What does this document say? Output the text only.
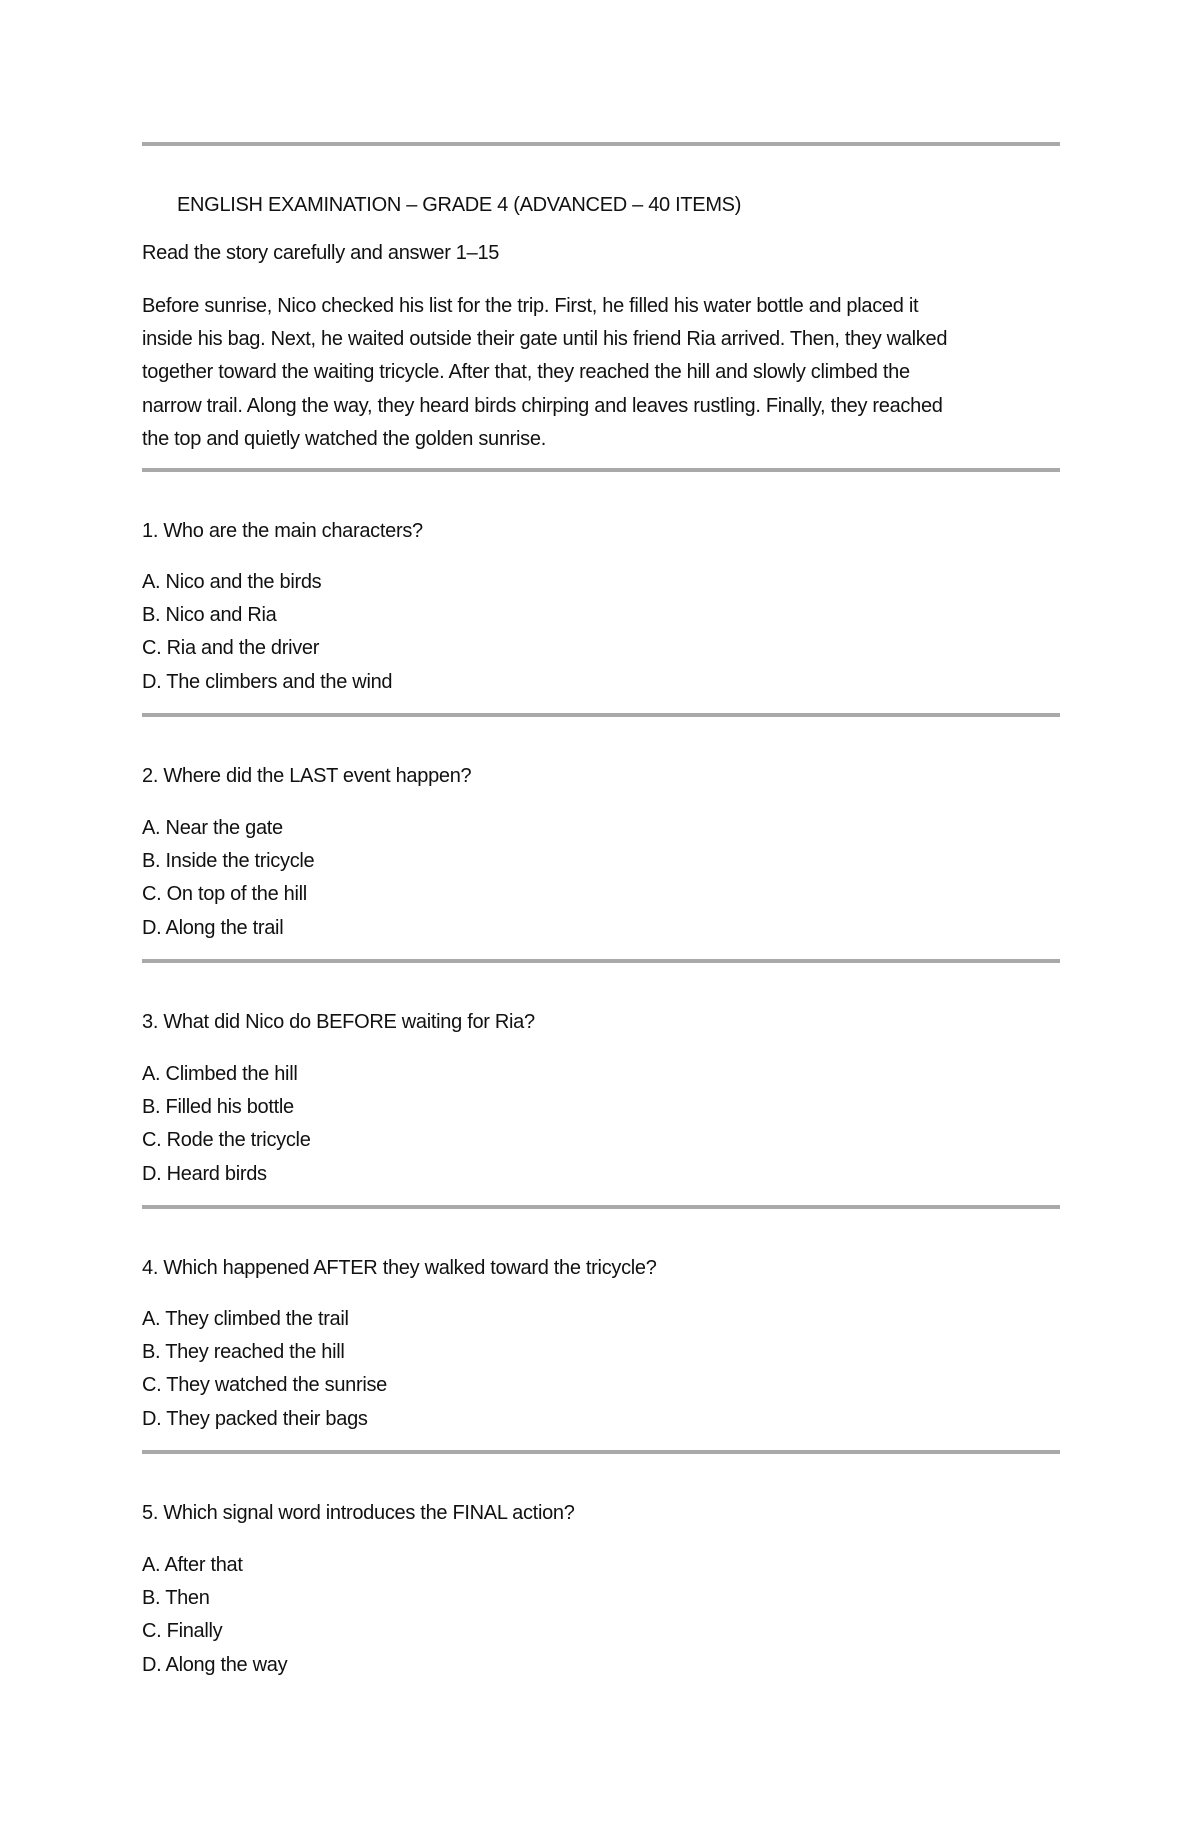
ENGLISH EXAMINATION – GRADE 4 (ADVANCED – 40 ITEMS)
Read the story carefully and answer 1–15
Before sunrise, Nico checked his list for the trip. First, he filled his water bottle and placed it
inside his bag. Next, he waited outside their gate until his friend Ria arrived. Then, they walked
together toward the waiting tricycle. After that, they reached the hill and slowly climbed the
narrow trail. Along the way, they heard birds chirping and leaves rustling. Finally, they reached
the top and quietly watched the golden sunrise.
1. Who are the main characters?
A. Nico and the birds
B. Nico and Ria
C. Ria and the driver
D. The climbers and the wind
2. Where did the LAST event happen?
A. Near the gate
B. Inside the tricycle
C. On top of the hill
D. Along the trail
3. What did Nico do BEFORE waiting for Ria?
A. Climbed the hill
B. Filled his bottle
C. Rode the tricycle
D. Heard birds
4. Which happened AFTER they walked toward the tricycle?
A. They climbed the trail
B. They reached the hill
C. They watched the sunrise
D. They packed their bags
5. Which signal word introduces the FINAL action?
A. After that
B. Then
C. Finally
D. Along the way
